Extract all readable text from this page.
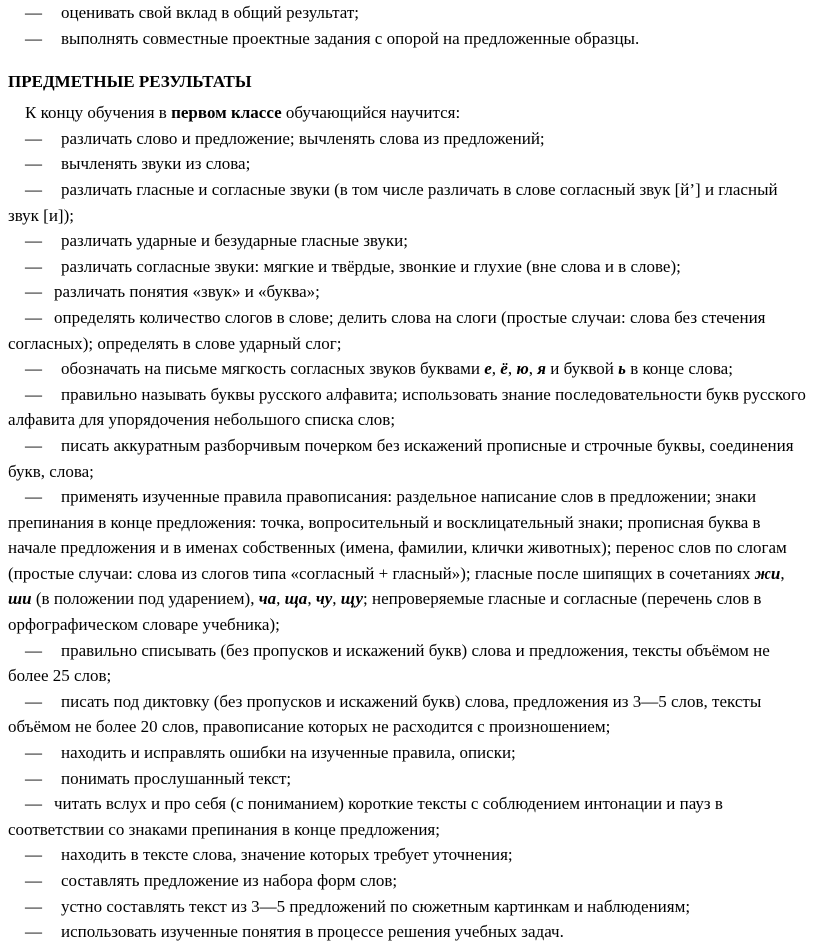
— оценивать свой вклад в общий результат;

— выполнять совместные проектные задания с опорой на предложенные образцы.

ПРЕДМЕТНЫЕ РЕЗУЛЬТАТЫ

К концу обучения в первом классе обучающийся научится:

— различать слово и предложение; вычленять слова из предложений;

— вычленять звуки из слова;

— различать гласные и согласные звуки (в том числе различать в слове согласный звук [й’] и гласный звук [и]);

— различать ударные и безударные гласные звуки;

— различать согласные звуки: мягкие и твёрдые, звонкие и глухие (вне слова и в слове);

— различать понятия «звук» и «буква»;

— определять количество слогов в слове; делить слова на слоги (простые случаи: слова без стечения согласных); определять в слове ударный слог;

— обозначать на письме мягкость согласных звуков буквами е, ё, ю, я и буквой ь в конце слова;

— правильно называть буквы русского алфавита; использовать знание последовательности букв русского алфавита для упорядочения небольшого списка слов;

— писать аккуратным разборчивым почерком без искажений прописные и строчные буквы, соединения букв, слова;

— применять изученные правила правописания: раздельное написание слов в предложении; знаки препинания в конце предложения: точка, вопросительный и восклицательный знаки; прописная буква в начале предложения и в именах собственных (имена, фамилии, клички животных); перенос слов по слогам (простые случаи: слова из слогов типа «согласный + гласный»); гласные после шипящих в сочетаниях жи, ши (в положении под ударением), ча, ща, чу, щу; непроверяемые гласные и согласные (перечень слов в орфографическом словаре учебника);

— правильно списывать (без пропусков и искажений букв) слова и предложения, тексты объёмом не более 25 слов;

— писать под диктовку (без пропусков и искажений букв) слова, предложения из 3—5 слов, тексты объёмом не более 20 слов, правописание которых не расходится с произношением;

— находить и исправлять ошибки на изученные правила, описки;

— понимать прослушанный текст;

— читать вслух и про себя (с пониманием) короткие тексты с соблюдением интонации и пауз в соответствии со знаками препинания в конце предложения;

— находить в тексте слова, значение которых требует уточнения;

— составлять предложение из набора форм слов;

— устно составлять текст из 3—5 предложений по сюжетным картинкам и наблюдениям;

— использовать изученные понятия в процессе решения учебных задач.
